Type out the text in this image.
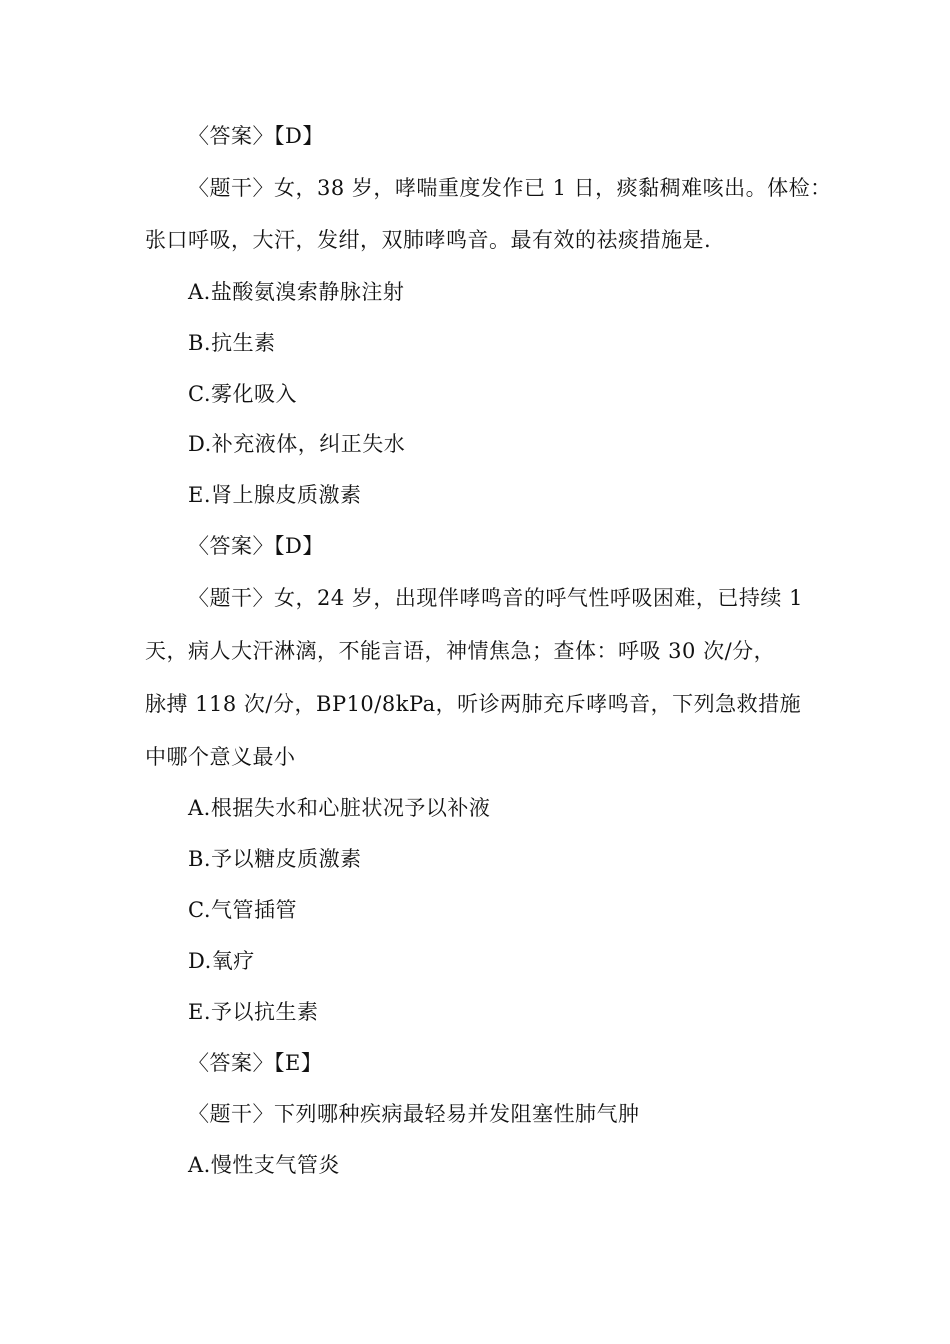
〈答案〉【D】
〈题干〉女，38 岁，哮喘重度发作已 1 日，痰黏稠难咳出。体检：
张口呼吸，大汗，发绀，双肺哮鸣音。最有效的祛痰措施是.
A.盐酸氨溴索静脉注射
B.抗生素
C.雾化吸入
D.补充液体，纠正失水
E.肾上腺皮质激素
〈答案〉【D】
〈题干〉女，24 岁，出现伴哮鸣音的呼气性呼吸困难，已持续 1
天，病人大汗淋漓，不能言语，神情焦急；查体：呼吸 30 次/分，
脉搏 118 次/分，BP10/8kPa，听诊两肺充斥哮鸣音，下列急救措施
中哪个意义最小
A.根据失水和心脏状况予以补液
B.予以糖皮质激素
C.气管插管
D.氧疗
E.予以抗生素
〈答案〉【E】
〈题干〉下列哪种疾病最轻易并发阻塞性肺气肿
A.慢性支气管炎
